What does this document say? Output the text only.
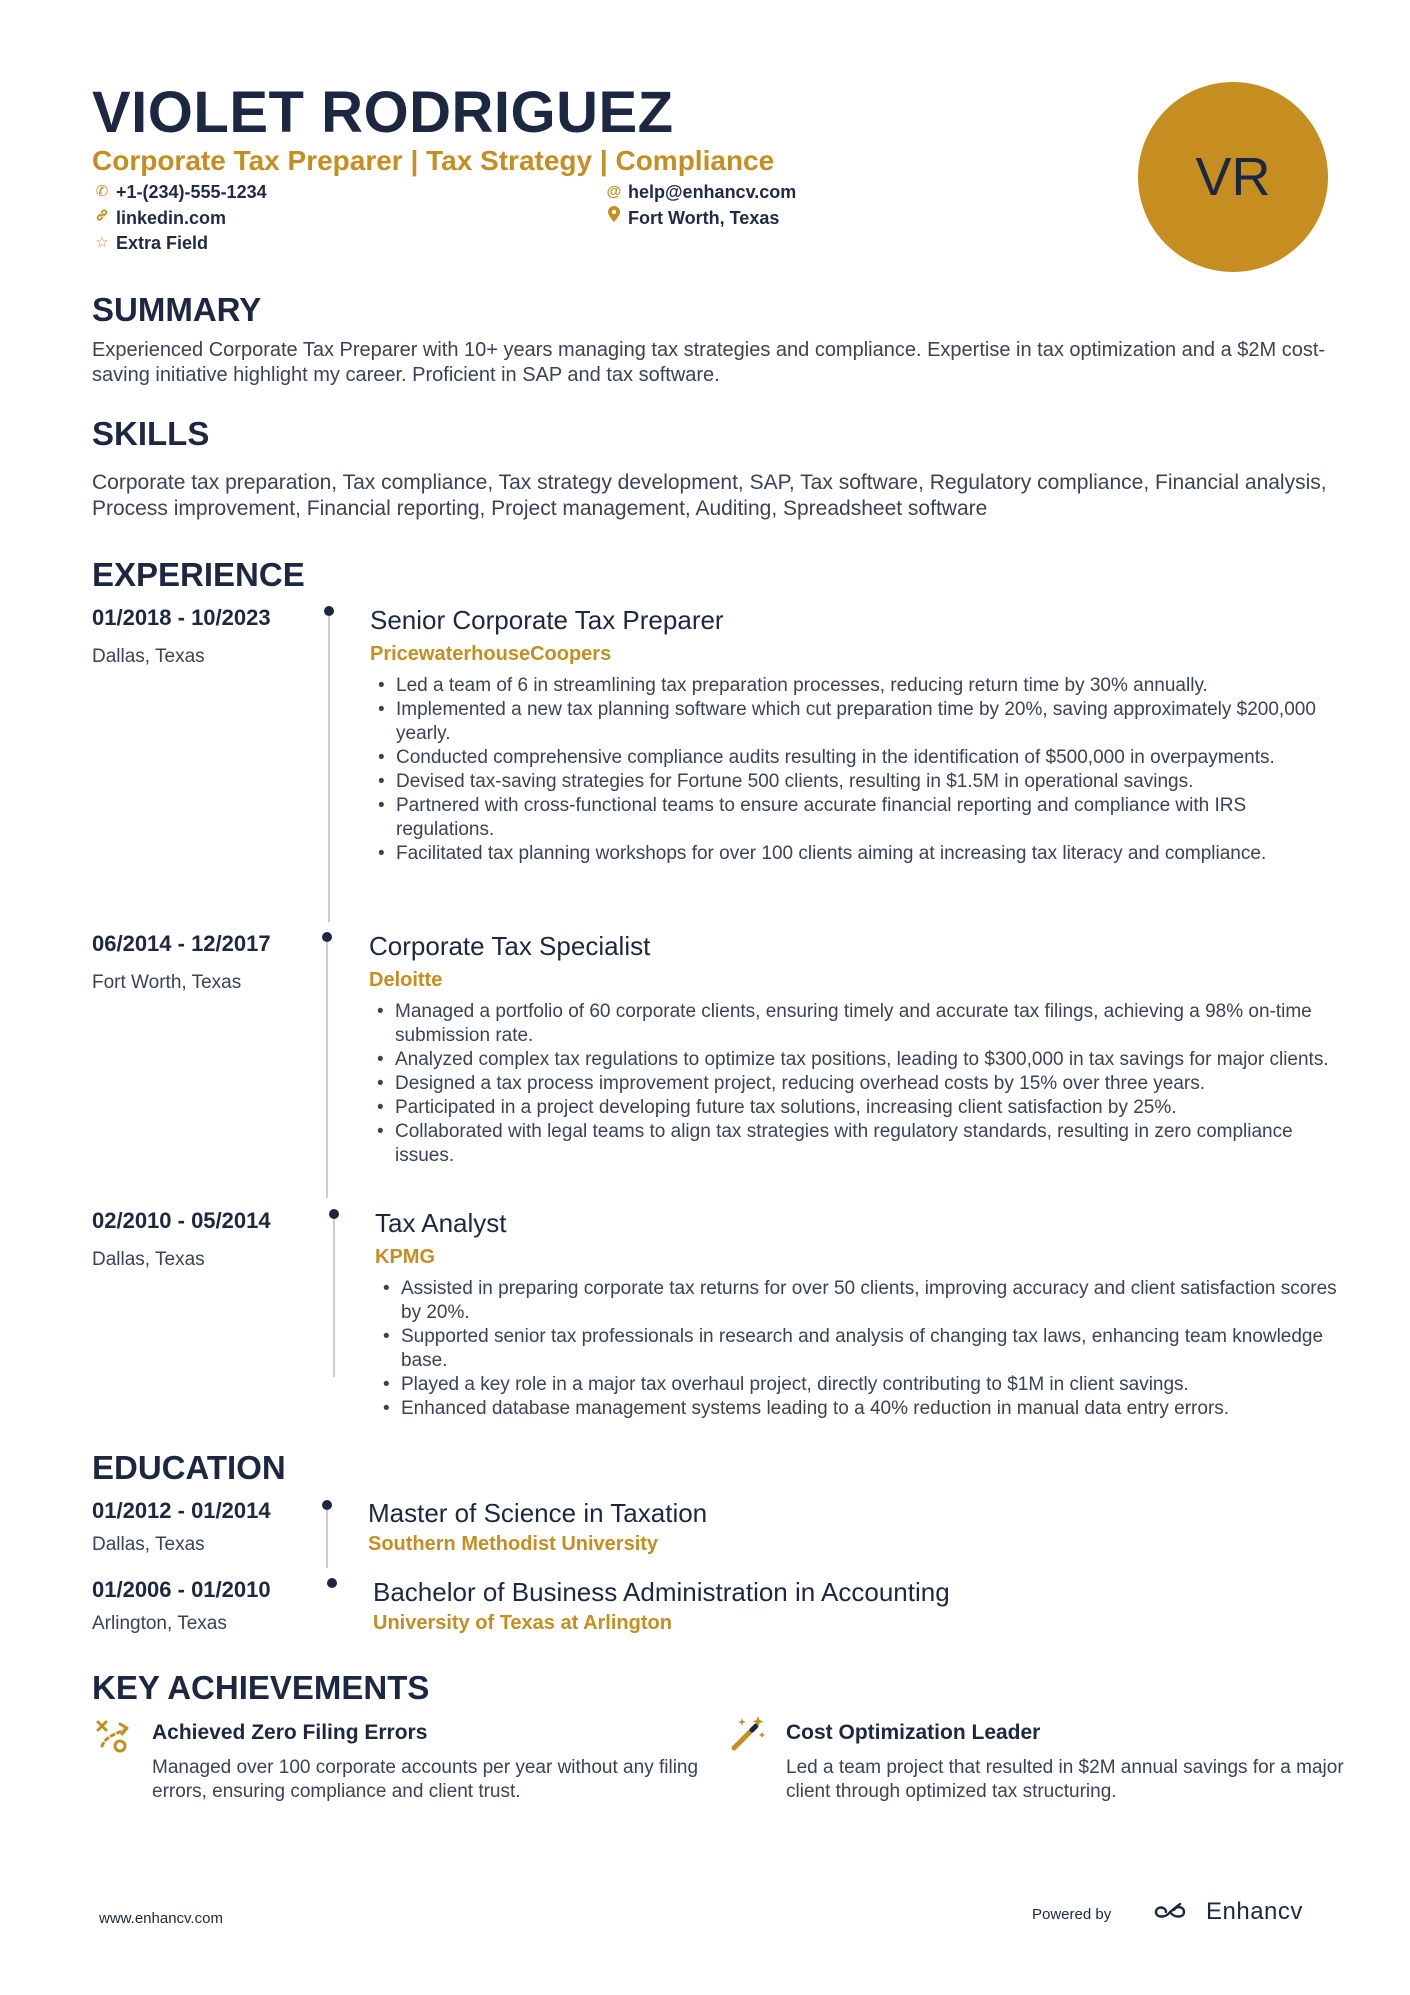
VIOLET RODRIGUEZ
Corporate Tax Preparer | Tax Strategy | Compliance
✆ +1-(234)-555-1234	@ help@enhancv.com
linkedin.com	Fort Worth, Texas
☆ Extra Field
VR
SUMMARY
Experienced Corporate Tax Preparer with 10+ years managing tax strategies and compliance. Expertise in tax optimization and a $2M cost-saving initiative highlight my career. Proficient in SAP and tax software.
SKILLS
Corporate tax preparation, Tax compliance, Tax strategy development, SAP, Tax software, Regulatory compliance, Financial analysis, Process improvement, Financial reporting, Project management, Auditing, Spreadsheet software
EXPERIENCE
01/2018 - 10/2023
Dallas, Texas
Senior Corporate Tax Preparer
PricewaterhouseCoopers
• Led a team of 6 in streamlining tax preparation processes, reducing return time by 30% annually.
• Implemented a new tax planning software which cut preparation time by 20%, saving approximately $200,000 yearly.
• Conducted comprehensive compliance audits resulting in the identification of $500,000 in overpayments.
• Devised tax-saving strategies for Fortune 500 clients, resulting in $1.5M in operational savings.
• Partnered with cross-functional teams to ensure accurate financial reporting and compliance with IRS regulations.
• Facilitated tax planning workshops for over 100 clients aiming at increasing tax literacy and compliance.
06/2014 - 12/2017
Fort Worth, Texas
Corporate Tax Specialist
Deloitte
• Managed a portfolio of 60 corporate clients, ensuring timely and accurate tax filings, achieving a 98% on-time submission rate.
• Analyzed complex tax regulations to optimize tax positions, leading to $300,000 in tax savings for major clients.
• Designed a tax process improvement project, reducing overhead costs by 15% over three years.
• Participated in a project developing future tax solutions, increasing client satisfaction by 25%.
• Collaborated with legal teams to align tax strategies with regulatory standards, resulting in zero compliance issues.
02/2010 - 05/2014
Dallas, Texas
Tax Analyst
KPMG
• Assisted in preparing corporate tax returns for over 50 clients, improving accuracy and client satisfaction scores by 20%.
• Supported senior tax professionals in research and analysis of changing tax laws, enhancing team knowledge base.
• Played a key role in a major tax overhaul project, directly contributing to $1M in client savings.
• Enhanced database management systems leading to a 40% reduction in manual data entry errors.
EDUCATION
01/2012 - 01/2014
Dallas, Texas
Master of Science in Taxation
Southern Methodist University
01/2006 - 01/2010
Arlington, Texas
Bachelor of Business Administration in Accounting
University of Texas at Arlington
KEY ACHIEVEMENTS
Achieved Zero Filing Errors
Managed over 100 corporate accounts per year without any filing errors, ensuring compliance and client trust.
Cost Optimization Leader
Led a team project that resulted in $2M annual savings for a major client through optimized tax structuring.
www.enhancv.com	Powered by	Enhancv
